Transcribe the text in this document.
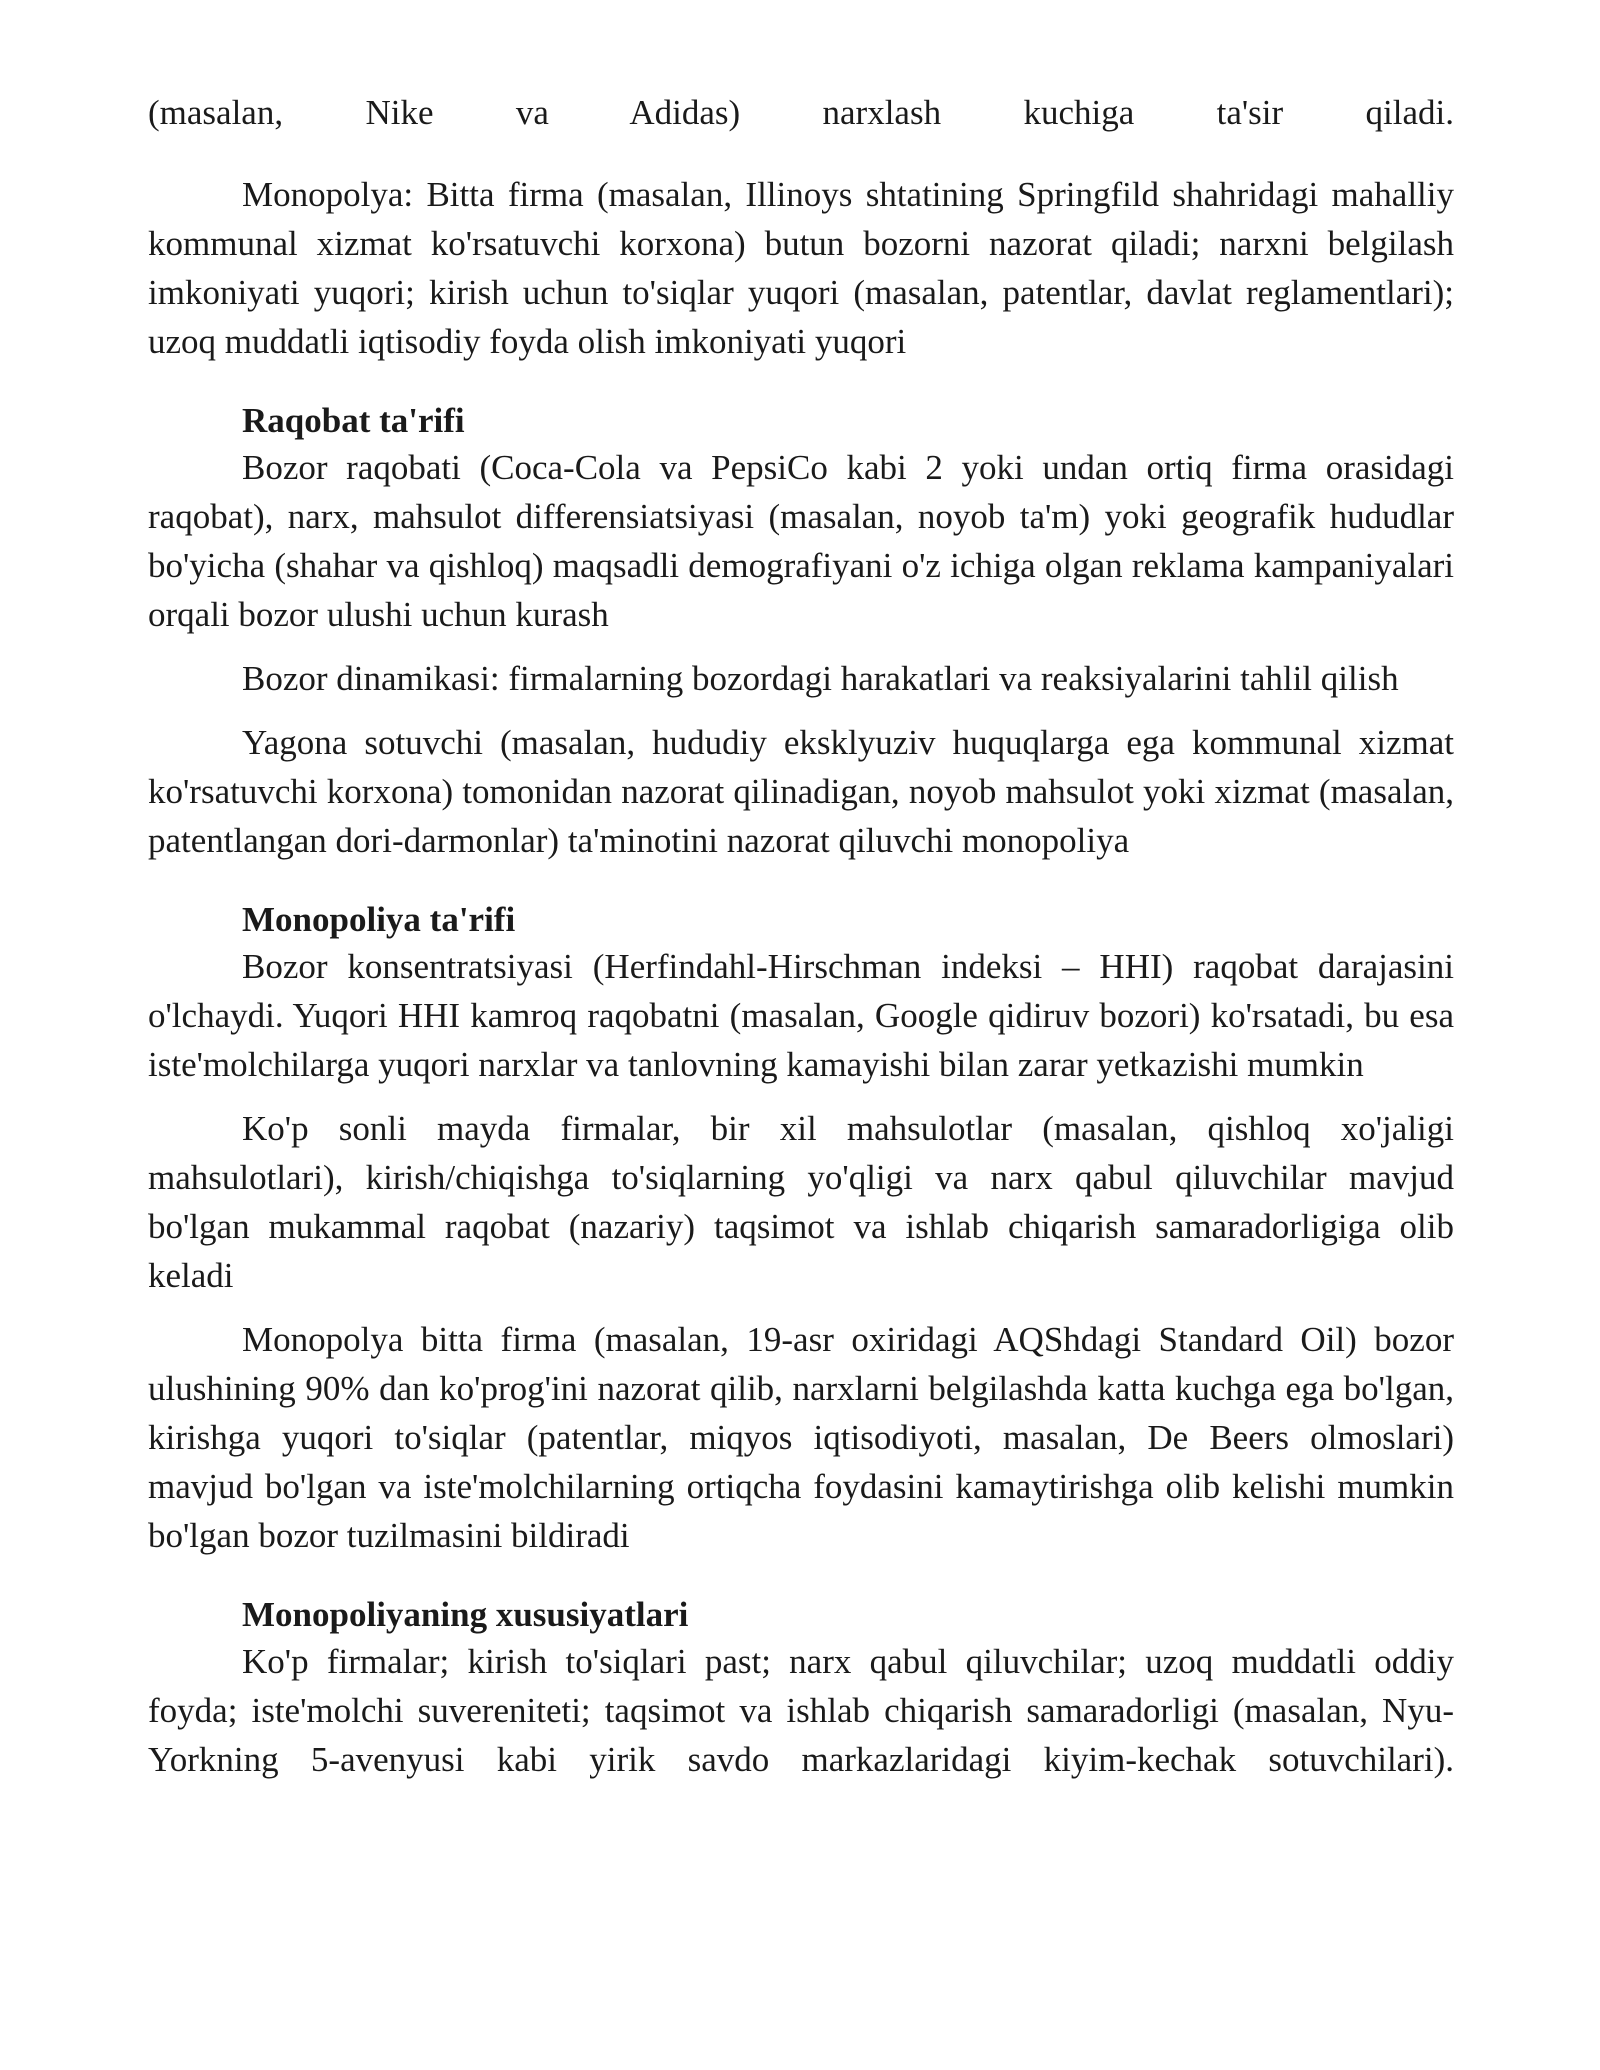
(masalan, Nike va Adidas) narxlash kuchiga ta'sir qiladi.

Monopolya: Bitta firma (masalan, Illinoys shtatining Springfild shahridagi mahalliy kommunal xizmat ko'rsatuvchi korxona) butun bozorni nazorat qiladi; narxni belgilash imkoniyati yuqori; kirish uchun to'siqlar yuqori (masalan, patentlar, davlat reglamentlari); uzoq muddatli iqtisodiy foyda olish imkoniyati yuqori

Raqobat ta'rifi

Bozor raqobati (Coca-Cola va PepsiCo kabi 2 yoki undan ortiq firma orasidagi raqobat), narx, mahsulot differensiatsiyasi (masalan, noyob ta'm) yoki geografik hududlar bo'yicha (shahar va qishloq) maqsadli demografiyani o'z ichiga olgan reklama kampaniyalari orqali bozor ulushi uchun kurash

Bozor dinamikasi: firmalarning bozordagi harakatlari va reaksiyalarini tahlil qilish

Yagona sotuvchi (masalan, hududiy eksklyuziv huquqlarga ega kommunal xizmat ko'rsatuvchi korxona) tomonidan nazorat qilinadigan, noyob mahsulot yoki xizmat (masalan, patentlangan dori-darmonlar) ta'minotini nazorat qiluvchi monopoliya

Monopoliya ta'rifi

Bozor konsentratsiyasi (Herfindahl-Hirschman indeksi – HHI) raqobat darajasini o'lchaydi. Yuqori HHI kamroq raqobatni (masalan, Google qidiruv bozori) ko'rsatadi, bu esa iste'molchilarga yuqori narxlar va tanlovning kamayishi bilan zarar yetkazishi mumkin

Ko'p sonli mayda firmalar, bir xil mahsulotlar (masalan, qishloq xo'jaligi mahsulotlari), kirish/chiqishga to'siqlarning yo'qligi va narx qabul qiluvchilar mavjud bo'lgan mukammal raqobat (nazariy) taqsimot va ishlab chiqarish samaradorligiga olib keladi

Monopolya bitta firma (masalan, 19-asr oxiridagi AQShdagi Standard Oil) bozor ulushining 90% dan ko'prog'ini nazorat qilib, narxlarni belgilashda katta kuchga ega bo'lgan, kirishga yuqori to'siqlar (patentlar, miqyos iqtisodiyoti, masalan, De Beers olmoslari) mavjud bo'lgan va iste'molchilarning ortiqcha foydasini kamaytirishga olib kelishi mumkin bo'lgan bozor tuzilmasini bildiradi

Monopoliyaning xususiyatlari

Ko'p firmalar; kirish to'siqlari past; narx qabul qiluvchilar; uzoq muddatli oddiy foyda; iste'molchi suvereniteti; taqsimot va ishlab chiqarish samaradorligi (masalan, Nyu-Yorkning 5-avenyusi kabi yirik savdo markazlaridagi kiyim-kechak sotuvchilari).
